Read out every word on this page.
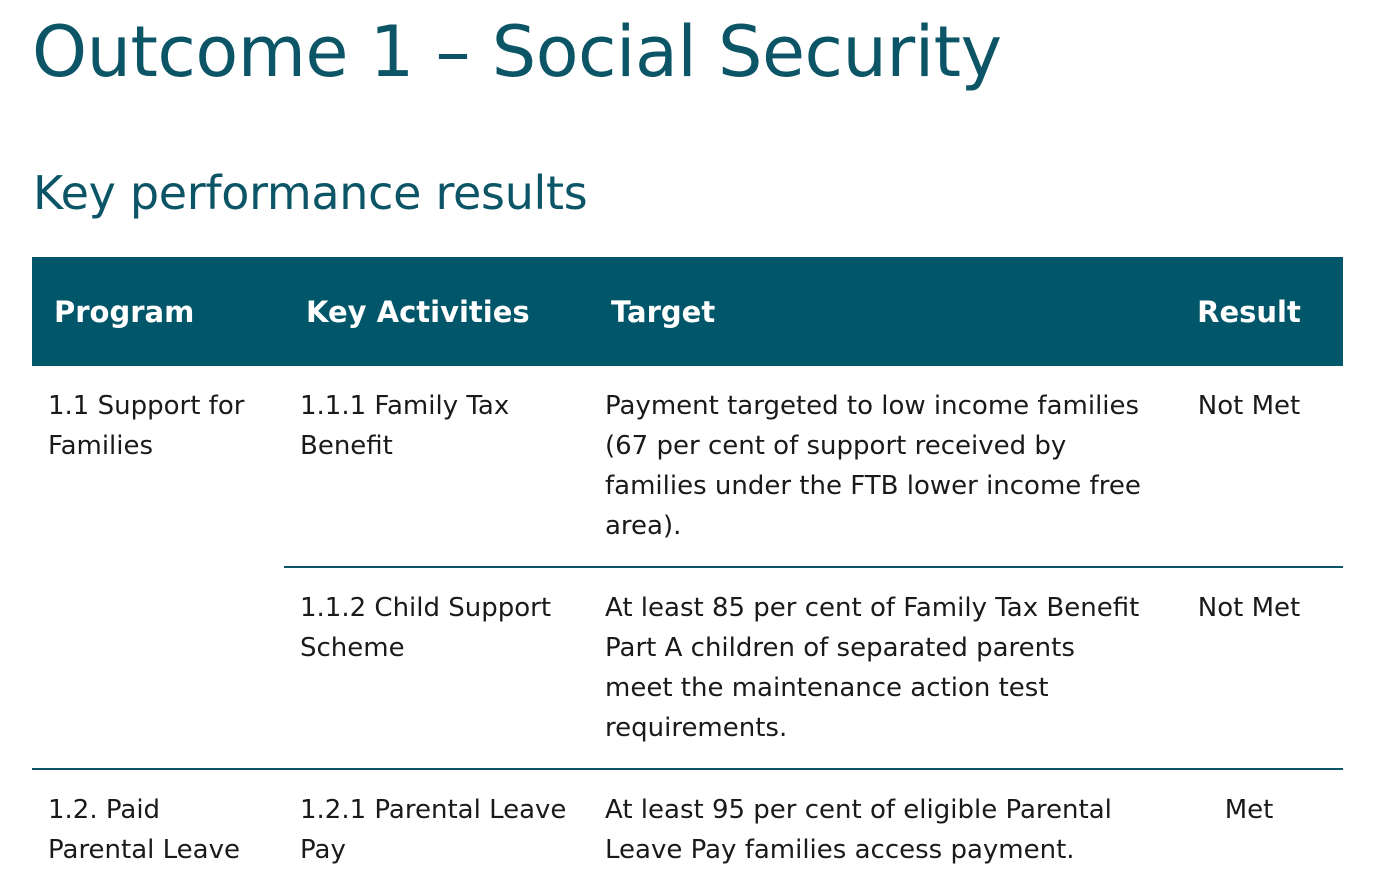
Outcome 1 – Social Security
Key performance results
Program	Key Activities	Target	Result
1.1 Support for Families	1.1.1 Family Tax Benefit	Payment targeted to low income families (67 per cent of support received by families under the FTB lower income free area).	Not Met
	1.1.2 Child Support Scheme	At least 85 per cent of Family Tax Benefit Part A children of separated parents meet the maintenance action test requirements.	Not Met
1.2. Paid Parental Leave	1.2.1 Parental Leave Pay	At least 95 per cent of eligible Parental Leave Pay families access payment.	Met
